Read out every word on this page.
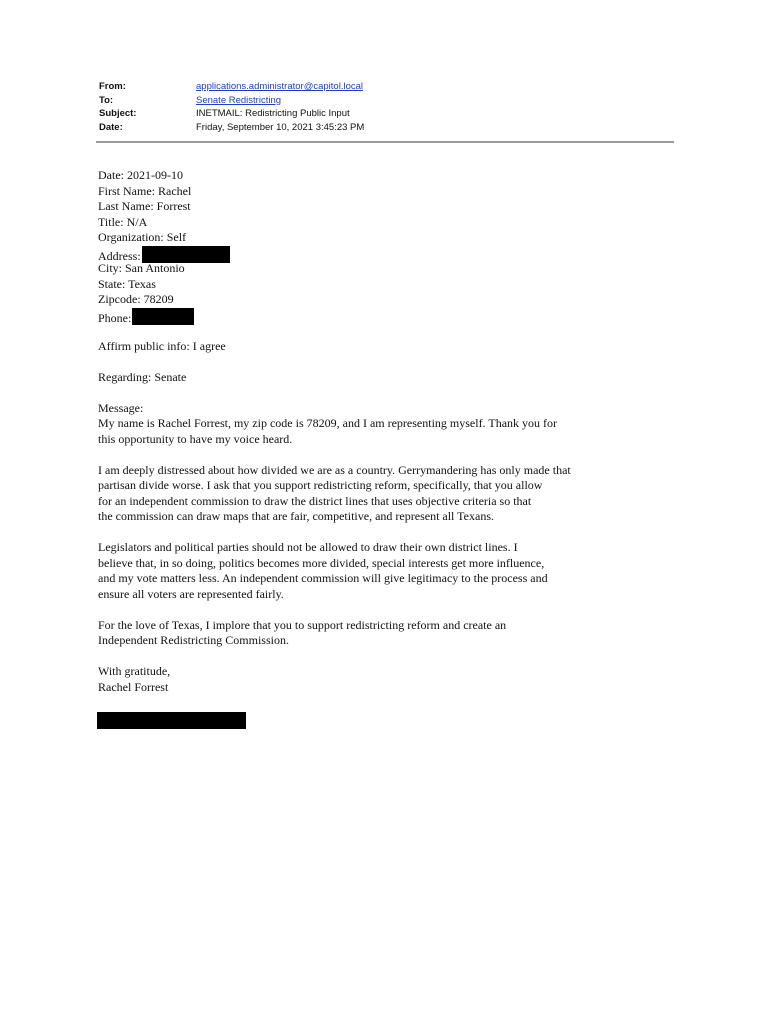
From:	applications.administrator@capitol.local
To:	Senate Redistricting
Subject:	INETMAIL: Redistricting Public Input
Date:	Friday, September 10, 2021 3:45:23 PM
Date: 2021-09-10
First Name: Rachel
Last Name: Forrest
Title: N/A
Organization: Self
Address:
City: San Antonio
State: Texas
Zipcode: 78209
Phone:
Affirm public info: I agree
Regarding: Senate
Message:
My name is Rachel Forrest, my zip code is 78209, and I am representing myself. Thank you for
this opportunity to have my voice heard.
I am deeply distressed about how divided we are as a country. Gerrymandering has only made that
partisan divide worse. I ask that you support redistricting reform, specifically, that you allow
for an independent commission to draw the district lines that uses objective criteria so that
the commission can draw maps that are fair, competitive, and represent all Texans.
Legislators and political parties should not be allowed to draw their own district lines. I
believe that, in so doing, politics becomes more divided, special interests get more influence,
and my vote matters less. An independent commission will give legitimacy to the process and
ensure all voters are represented fairly.
For the love of Texas, I implore that you to support redistricting reform and create an
Independent Redistricting Commission.
With gratitude,
Rachel Forrest
